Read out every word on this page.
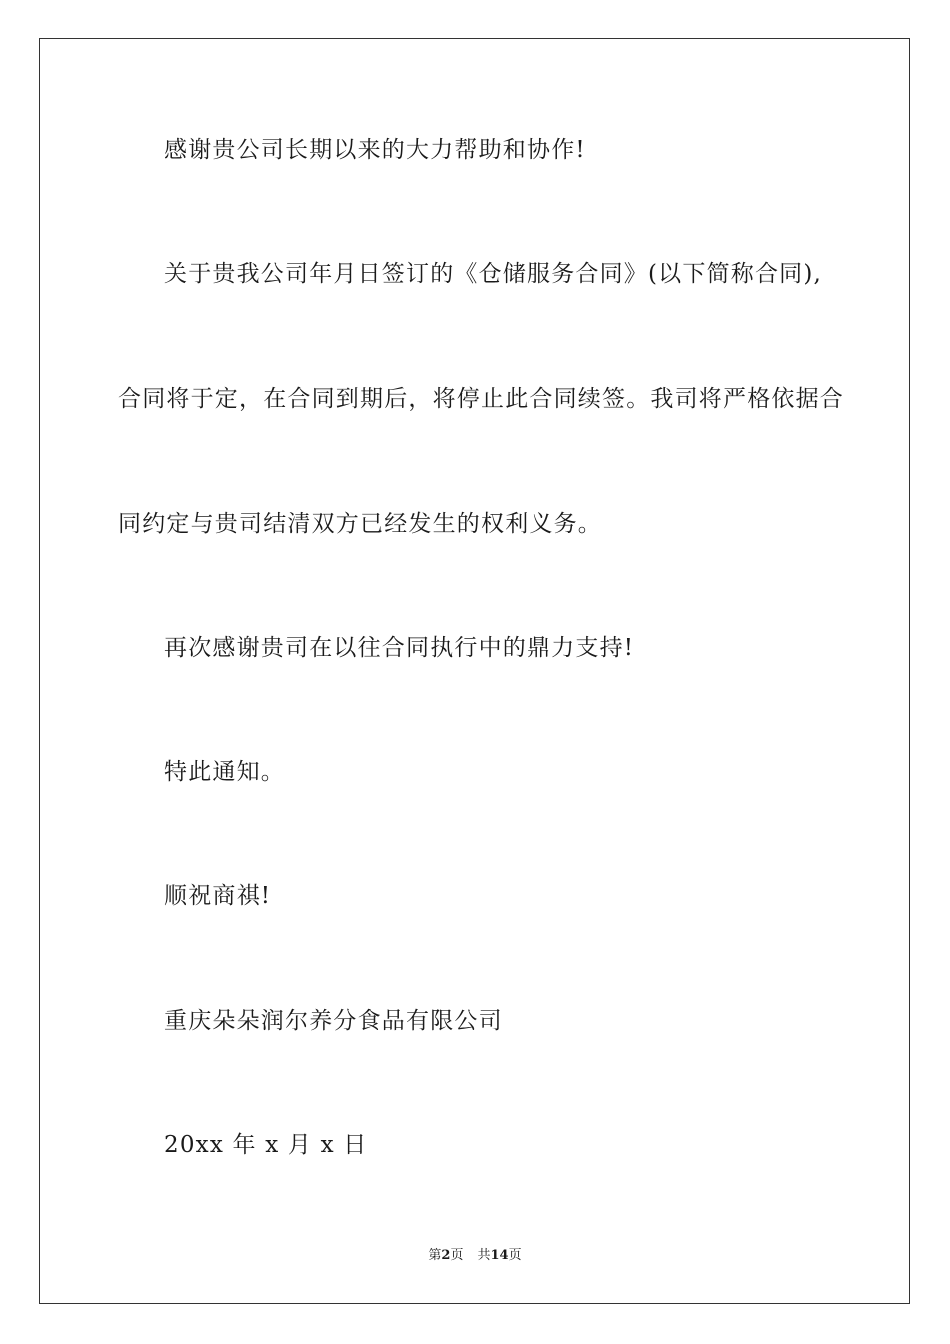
感谢贵公司长期以来的大力帮助和协作!

关于贵我公司年月日签订的《仓储服务合同》(以下简称合同),

合同将于定，在合同到期后，将停止此合同续签。我司将严格依据合

同约定与贵司结清双方已经发生的权利义务。

再次感谢贵司在以往合同执行中的鼎力支持!

特此通知。

顺祝商祺!

重庆朵朵润尔养分食品有限公司

20xx 年 x 月 x 日

第2页 共14页
